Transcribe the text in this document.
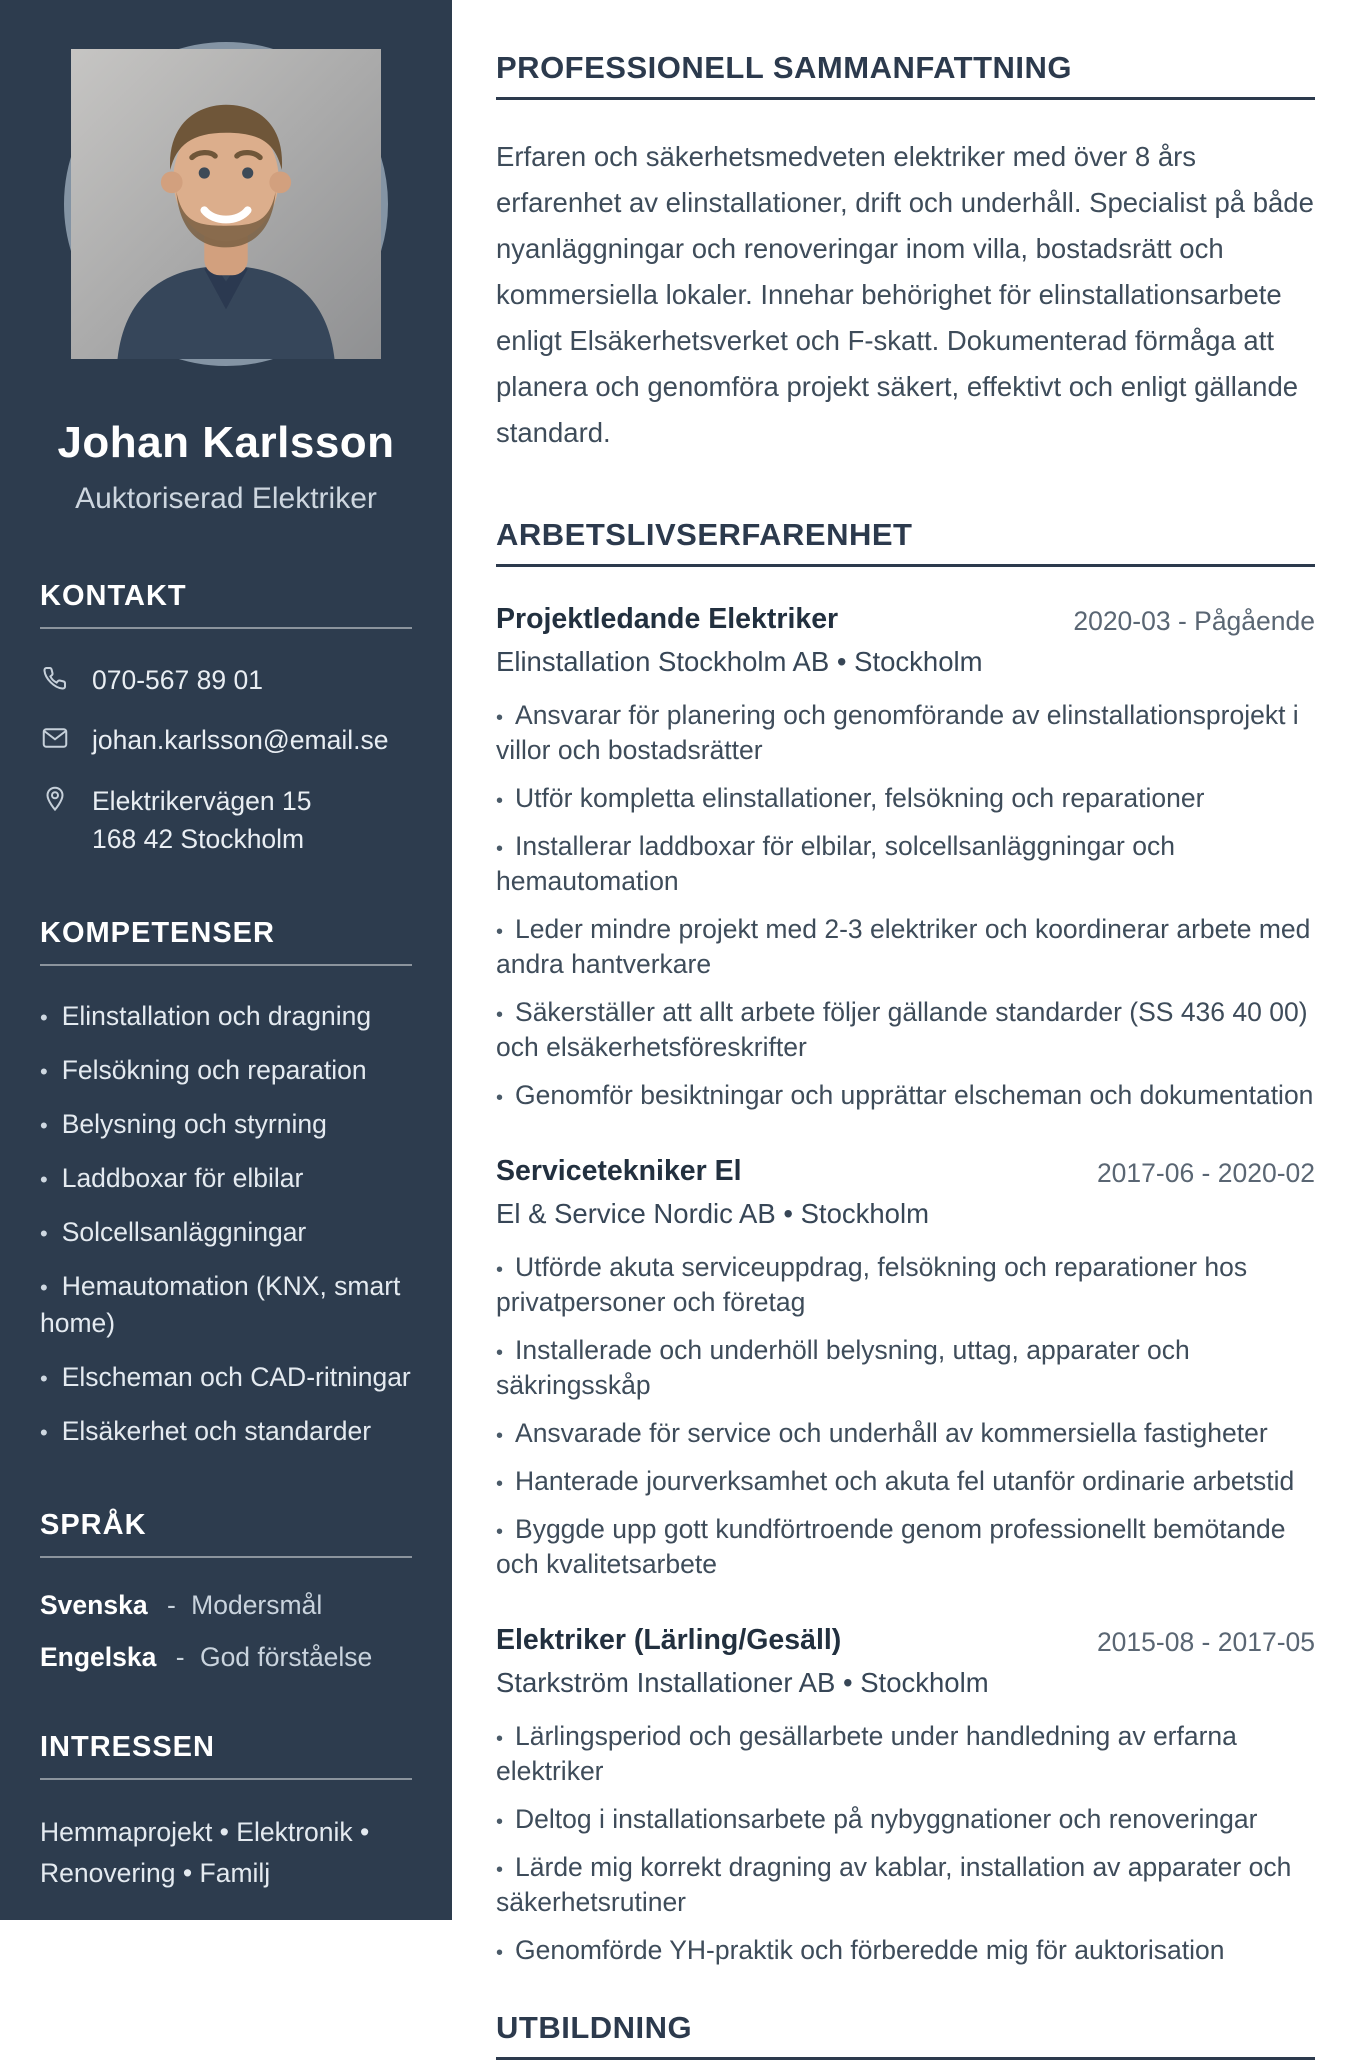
Johan Karlsson
Auktoriserad Elektriker
KONTAKT
070-567 89 01
johan.karlsson@email.se
Elektrikervägen 15
168 42 Stockholm
KOMPETENSER
• Elinstallation och dragning
• Felsökning och reparation
• Belysning och styrning
• Laddboxar för elbilar
• Solcellsanläggningar
• Hemautomation (KNX, smart home)
• Elscheman och CAD-ritningar
• Elsäkerhet och standarder
SPRÅK
Svenska - Modersmål
Engelska - God förståelse
INTRESSEN

Hemmaprojekt • Elektronik • Renovering • Familj

PROFESSIONELL SAMMANFATTNING

Erfaren och säkerhetsmedveten elektriker med över 8 års erfarenhet av elinstallationer, drift och underhåll. Specialist på både nyanläggningar och renoveringar inom villa, bostadsrätt och kommersiella lokaler. Innehar behörighet för elinstallationsarbete enligt Elsäkerhetsverket och F-skatt. Dokumenterad förmåga att planera och genomföra projekt säkert, effektivt och enligt gällande standard.

ARBETSLIVSERFARENHET
Projektledande Elektriker
Elinstallation Stockholm AB • Stockholm
2020-03 - Pågående
• Ansvarar för planering och genomförande av elinstallationsprojekt i villor och bostadsrätter
• Utför kompletta elinstallationer, felsökning och reparationer
• Installerar laddboxar för elbilar, solcellsanläggningar och hemautomation
• Leder mindre projekt med 2-3 elektriker och koordinerar arbete med andra hantverkare
• Säkerställer att allt arbete följer gällande standarder (SS 436 40 00) och elsäkerhetsföreskrifter
• Genomför besiktningar och upprättar elscheman och dokumentation
Servicetekniker El
El & Service Nordic AB • Stockholm
2017-06 - 2020-02
• Utförde akuta serviceuppdrag, felsökning och reparationer hos privatpersoner och företag
• Installerade och underhöll belysning, uttag, apparater och säkringsskåp
• Ansvarade för service och underhåll av kommersiella fastigheter
• Hanterade jourverksamhet och akuta fel utanför ordinarie arbetstid
• Byggde upp gott kundförtroende genom professionellt bemötande och kvalitetsarbete
Elektriker (Lärling/Gesäll)
Starkström Installationer AB • Stockholm
2015-08 - 2017-05
• Lärlingsperiod och gesällarbete under handledning av erfarna elektriker
• Deltog i installationsarbete på nybyggnationer och renoveringar
• Lärde mig korrekt dragning av kablar, installation av apparater och säkerhetsrutiner
• Genomförde YH-praktik och förberedde mig för auktorisation
UTBILDNING
